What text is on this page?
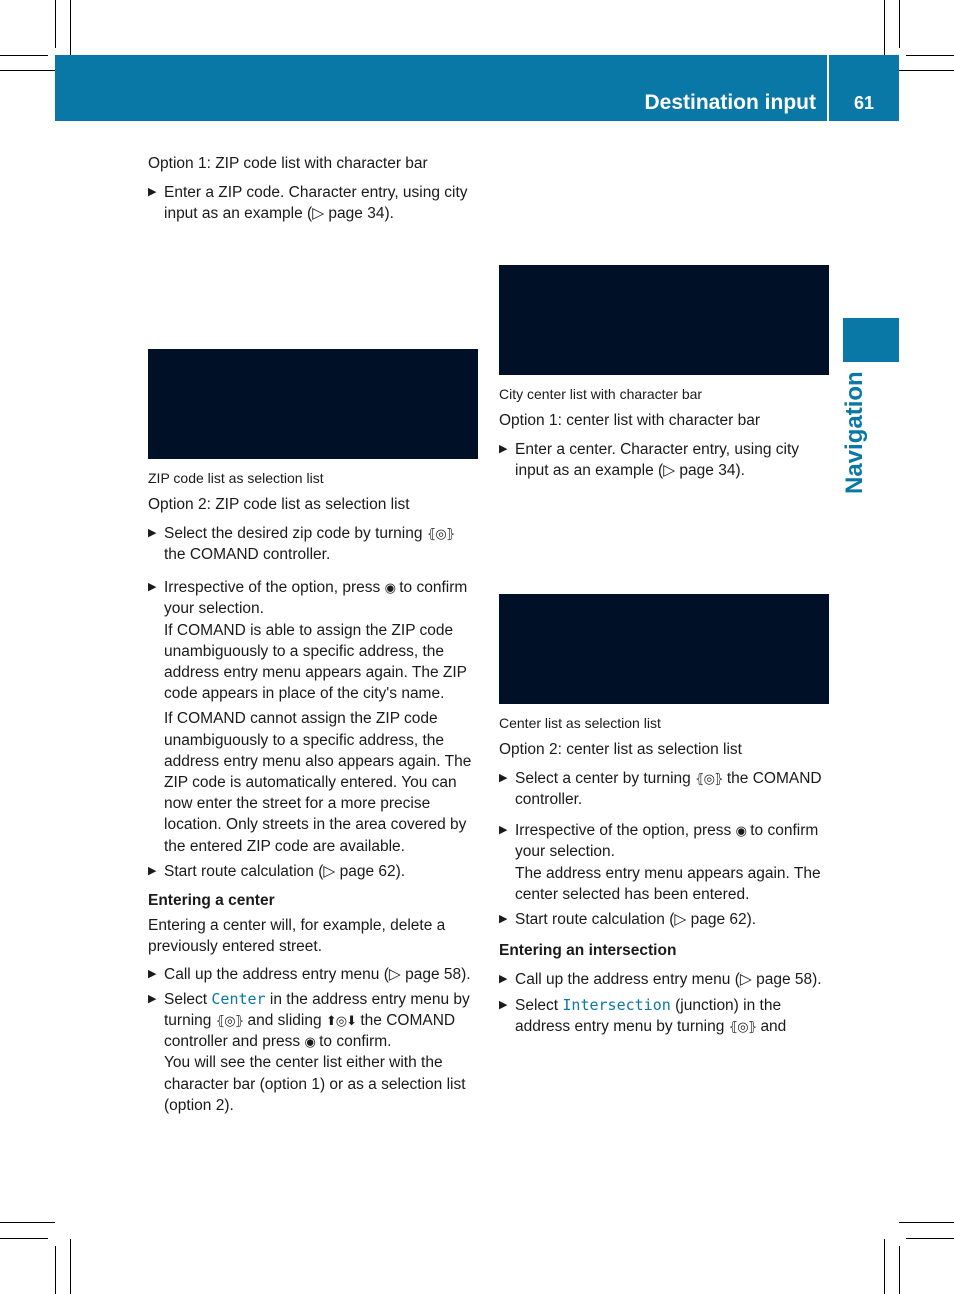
Destination input	61
Navigation

Option 1: ZIP code list with character bar

▶ Enter a ZIP code. Character entry, using city input as an example (▷ page 34).

ZIP code list as selection list

Option 2: ZIP code list as selection list

▶ Select the desired zip code by turning ⦃◎⦄ the COMAND controller.

▶ Irrespective of the option, press ◉ to confirm your selection.

If COMAND is able to assign the ZIP code unambiguously to a specific address, the address entry menu appears again. The ZIP code appears in place of the city's name.

If COMAND cannot assign the ZIP code unambiguously to a specific address, the address entry menu also appears again. The ZIP code is automatically entered. You can now enter the street for a more precise location. Only streets in the area covered by the entered ZIP code are available.

▶ Start route calculation (▷ page 62).

Entering a center

Entering a center will, for example, delete a previously entered street.

▶ Call up the address entry menu (▷ page 58).

▶ Select Center in the address entry menu by turning ⦃◎⦄ and sliding ⬆◎⬇ the COMAND controller and press ◉ to confirm.

You will see the center list either with the character bar (option 1) or as a selection list (option 2).

City center list with character bar

Option 1: center list with character bar

▶ Enter a center. Character entry, using city input as an example (▷ page 34).

Center list as selection list

Option 2: center list as selection list

▶ Select a center by turning ⦃◎⦄ the COMAND controller.

▶ Irrespective of the option, press ◉ to confirm your selection.

The address entry menu appears again. The center selected has been entered.

▶ Start route calculation (▷ page 62).

Entering an intersection

▶ Call up the address entry menu (▷ page 58).

▶ Select Intersection (junction) in the address entry menu by turning ⦃◎⦄ and
